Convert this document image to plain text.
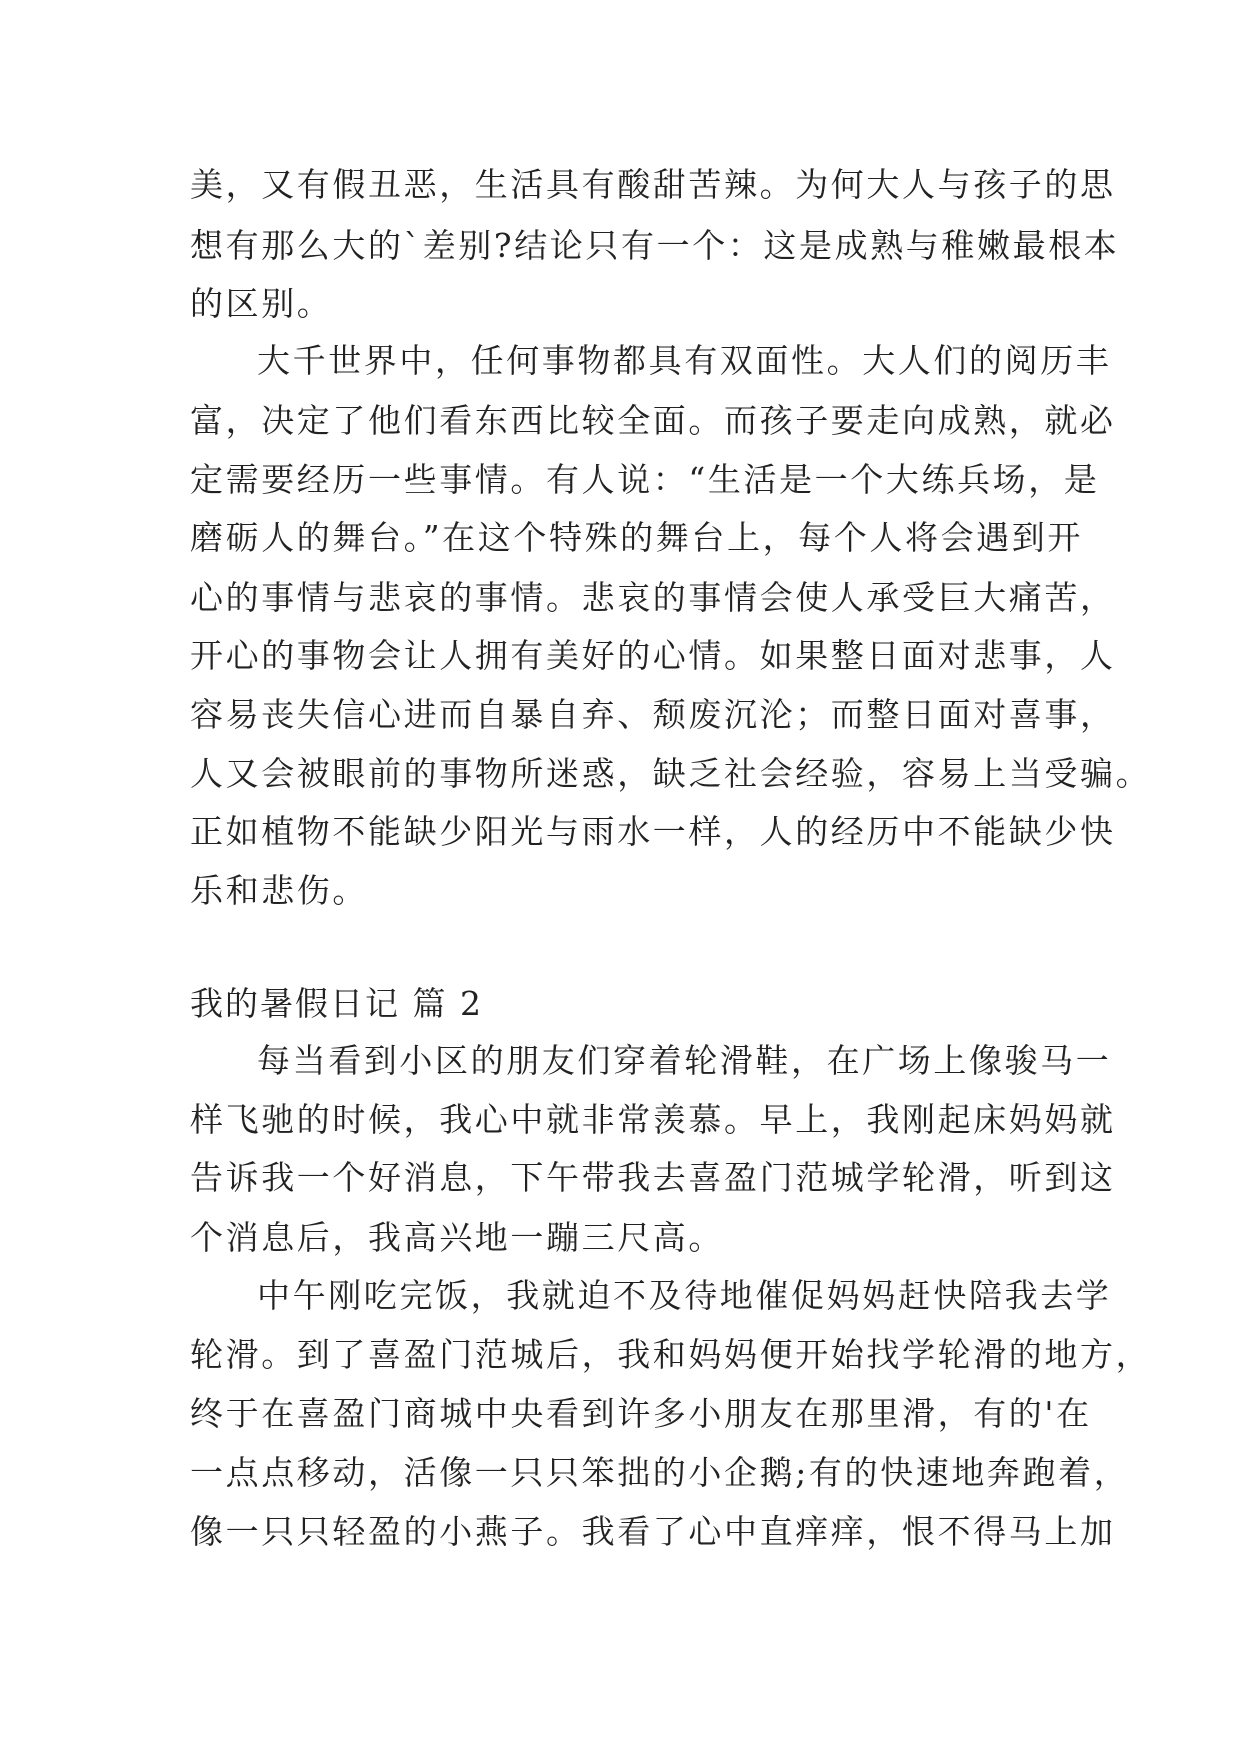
美，又有假丑恶，生活具有酸甜苦辣。为何大人与孩子的思
想有那么大的`差别?结论只有一个：这是成熟与稚嫩最根本
的区别。
大千世界中，任何事物都具有双面性。大人们的阅历丰
富，决定了他们看东西比较全面。而孩子要走向成熟，就必
定需要经历一些事情。有人说：“生活是一个大练兵场，是
磨砺人的舞台。”在这个特殊的舞台上，每个人将会遇到开
心的事情与悲哀的事情。悲哀的事情会使人承受巨大痛苦，
开心的事物会让人拥有美好的心情。如果整日面对悲事，人
容易丧失信心进而自暴自弃、颓废沉沦；而整日面对喜事，
人又会被眼前的事物所迷惑，缺乏社会经验，容易上当受骗。
正如植物不能缺少阳光与雨水一样，人的经历中不能缺少快
乐和悲伤。
我的暑假日记 篇 2
每当看到小区的朋友们穿着轮滑鞋，在广场上像骏马一
样飞驰的时候，我心中就非常羡慕。早上，我刚起床妈妈就
告诉我一个好消息，下午带我去喜盈门范城学轮滑，听到这
个消息后，我高兴地一蹦三尺高。
中午刚吃完饭，我就迫不及待地催促妈妈赶快陪我去学
轮滑。到了喜盈门范城后，我和妈妈便开始找学轮滑的地方，
终于在喜盈门商城中央看到许多小朋友在那里滑，有的'在
一点点移动，活像一只只笨拙的小企鹅;有的快速地奔跑着，
像一只只轻盈的小燕子。我看了心中直痒痒，恨不得马上加
